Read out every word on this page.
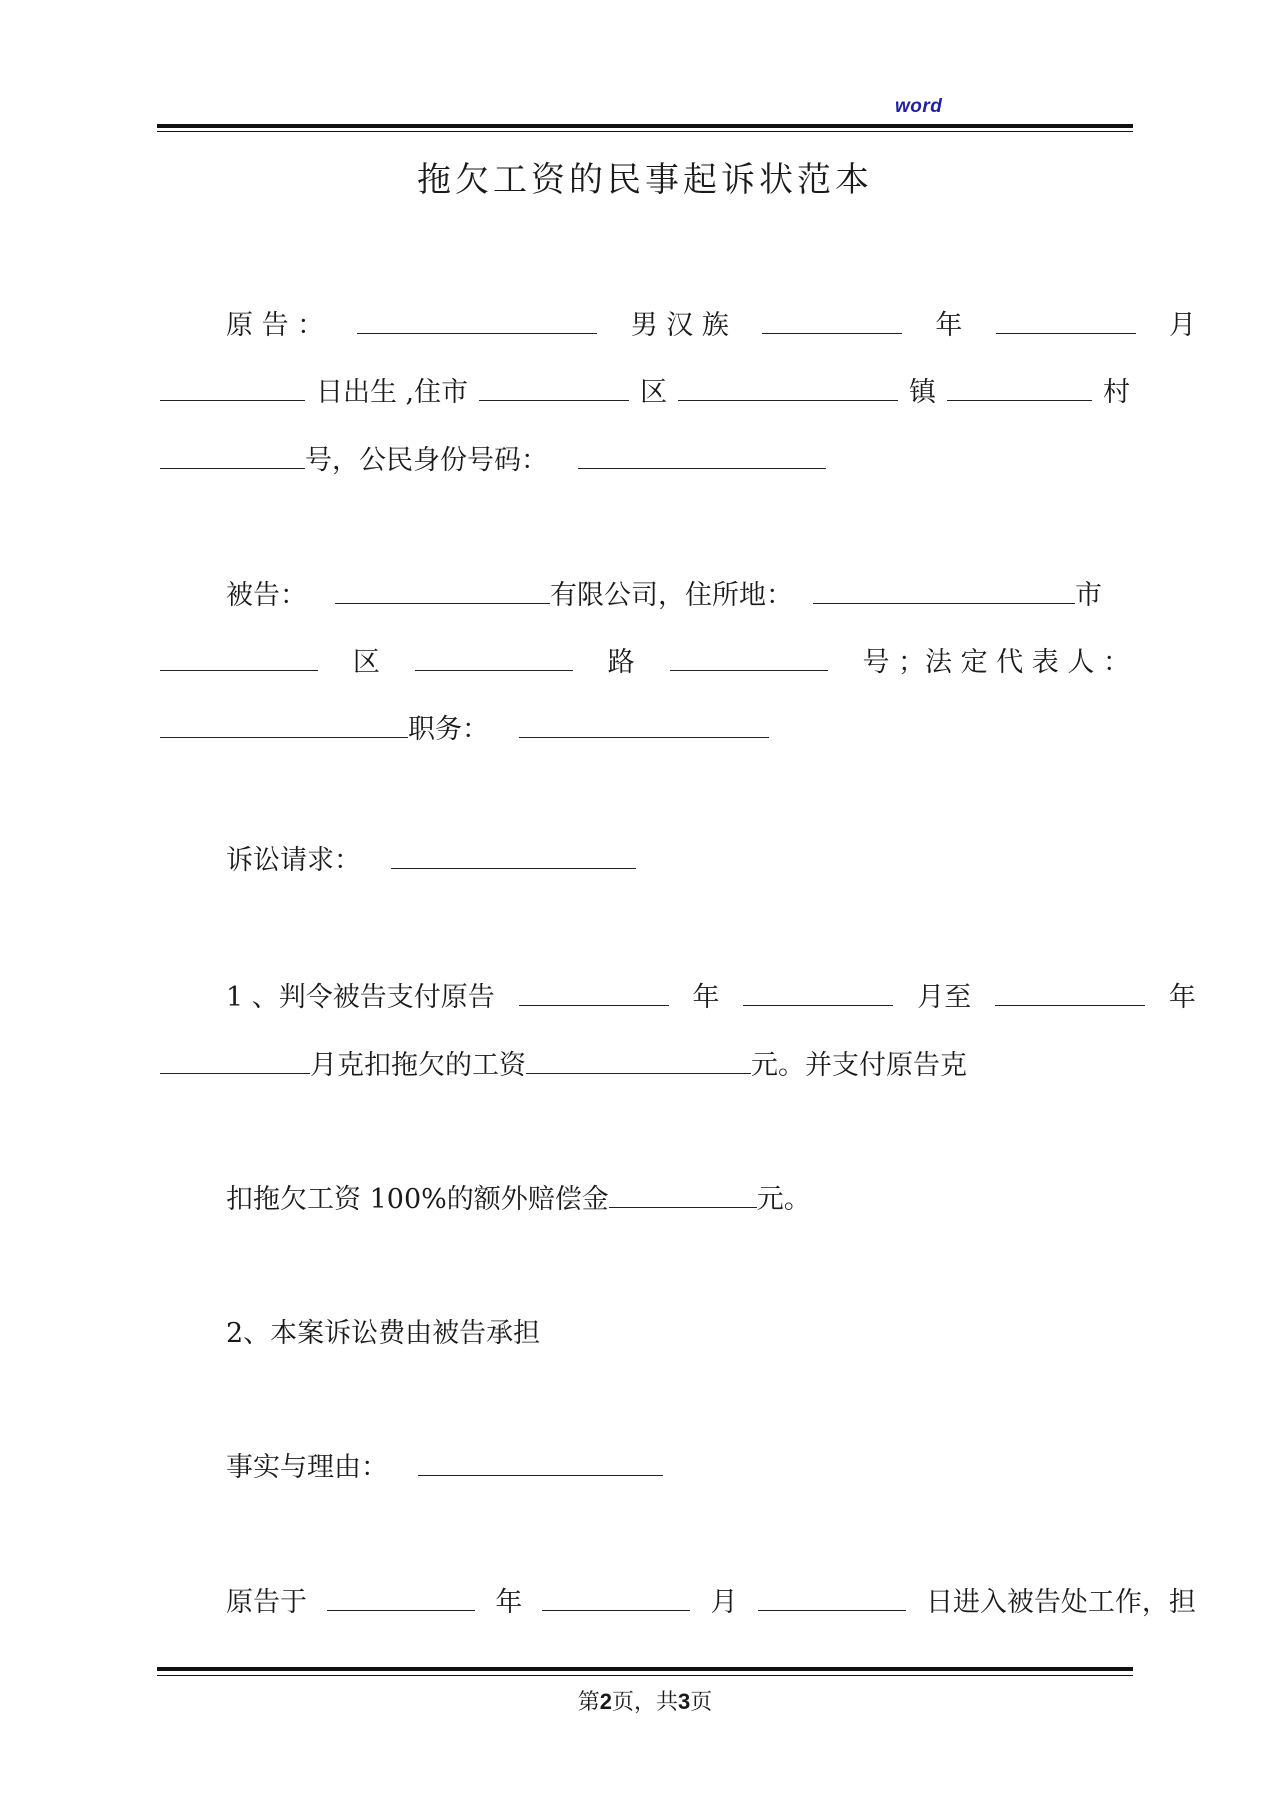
word
拖欠工资的民事起诉状范本
原 告 ：	男 汉 族	年	月
日出生 ,住市	区	镇	村
号，公民身份号码：
被告：	有限公司，住所地：	市
区	路	号 ；法 定 代 表 人 ：
职务：
诉讼请求：
1 、判令被告支付原告	年	月至	年
月克扣拖欠的工资	元。并支付原告克
扣拖欠工资 100%的额外赔偿金	元。
2、本案诉讼费由被告承担
事实与理由：
原告于	年	月	日进入被告处工作，担
第2页，共3页
